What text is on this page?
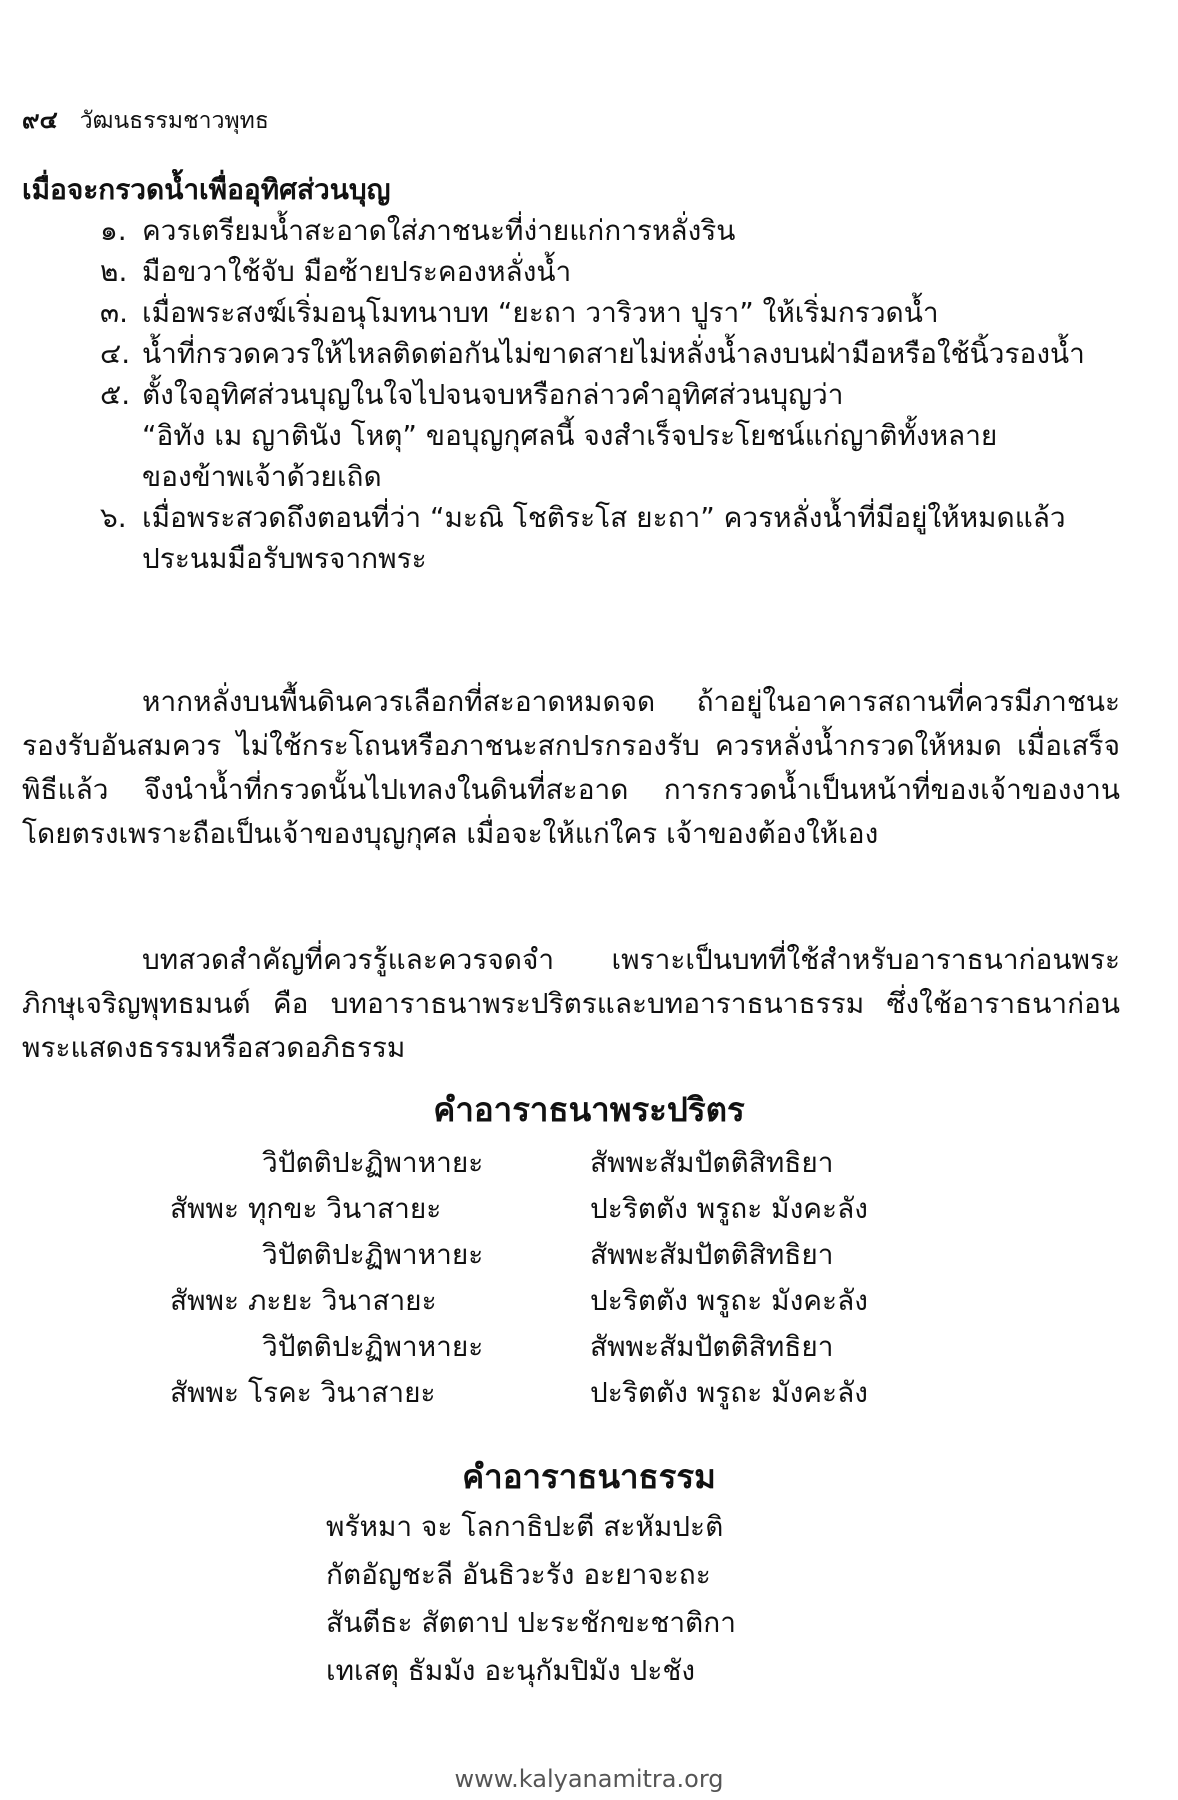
๙๔ วัฒนธรรมชาวพุทธ
เมื่อจะกรวดน้ำเพื่ออุทิศส่วนบุญ
๑. ควรเตรียมน้ำสะอาดใส่ภาชนะที่ง่ายแก่การหลั่งริน
๒. มือขวาใช้จับ มือซ้ายประคองหลั่งน้ำ
๓. เมื่อพระสงฆ์เริ่มอนุโมทนาบท “ยะถา วาริวหา ปูรา” ให้เริ่มกรวดน้ำ
๔. น้ำที่กรวดควรให้ไหลติดต่อกันไม่ขาดสายไม่หลั่งน้ำลงบนฝ่ามือหรือใช้นิ้วรองน้ำ
๕. ตั้งใจอุทิศส่วนบุญในใจไปจนจบหรือกล่าวคำอุทิศส่วนบุญว่า
“อิทัง เม ญาตินัง โหตุ” ขอบุญกุศลนี้ จงสำเร็จประโยชน์แก่ญาติทั้งหลาย
ของข้าพเจ้าด้วยเถิด
๖. เมื่อพระสวดถึงตอนที่ว่า “มะณิ โชติระโส ยะถา” ควรหลั่งน้ำที่มีอยู่ให้หมดแล้ว
ประนมมือรับพรจากพระ

หากหลั่งบนพื้นดินควรเลือกที่สะอาดหมดจด ถ้าอยู่ในอาคารสถานที่ควรมีภาชนะรองรับอันสมควร ไม่ใช้กระโถนหรือภาชนะสกปรกรองรับ ควรหลั่งน้ำกรวดให้หมด เมื่อเสร็จพิธีแล้ว จึงนำน้ำที่กรวดนั้นไปเทลงในดินที่สะอาด การกรวดน้ำเป็นหน้าที่ของเจ้าของงานโดยตรงเพราะถือเป็นเจ้าของบุญกุศล เมื่อจะให้แก่ใคร เจ้าของต้องให้เอง

บทสวดสำคัญที่ควรรู้และควรจดจำ เพราะเป็นบทที่ใช้สำหรับอาราธนาก่อนพระภิกษุเจริญพุทธมนต์ คือ บทอาราธนาพระปริตรและบทอาราธนาธรรม ซึ่งใช้อาราธนาก่อนพระแสดงธรรมหรือสวดอภิธรรม

คำอาราธนาพระปริตร
วิปัตติปะฏิพาหายะ	สัพพะสัมปัตติสิทธิยา
สัพพะ ทุกขะ วินาสายะ	ปะริตตัง พรูถะ มังคะลัง
วิปัตติปะฏิพาหายะ	สัพพะสัมปัตติสิทธิยา
สัพพะ ภะยะ วินาสายะ	ปะริตตัง พรูถะ มังคะลัง
วิปัตติปะฏิพาหายะ	สัพพะสัมปัตติสิทธิยา
สัพพะ โรคะ วินาสายะ	ปะริตตัง พรูถะ มังคะลัง
คำอาราธนาธรรม
พรัหมา จะ โลกาธิปะตี สะหัมปะติ
กัตอัญชะลี อันธิวะรัง อะยาจะถะ
สันตีธะ สัตตาป ปะระชักขะชาติกา
เทเสตุ ธัมมัง อะนุกัมปิมัง ปะชัง
www.kalyanamitra.org
